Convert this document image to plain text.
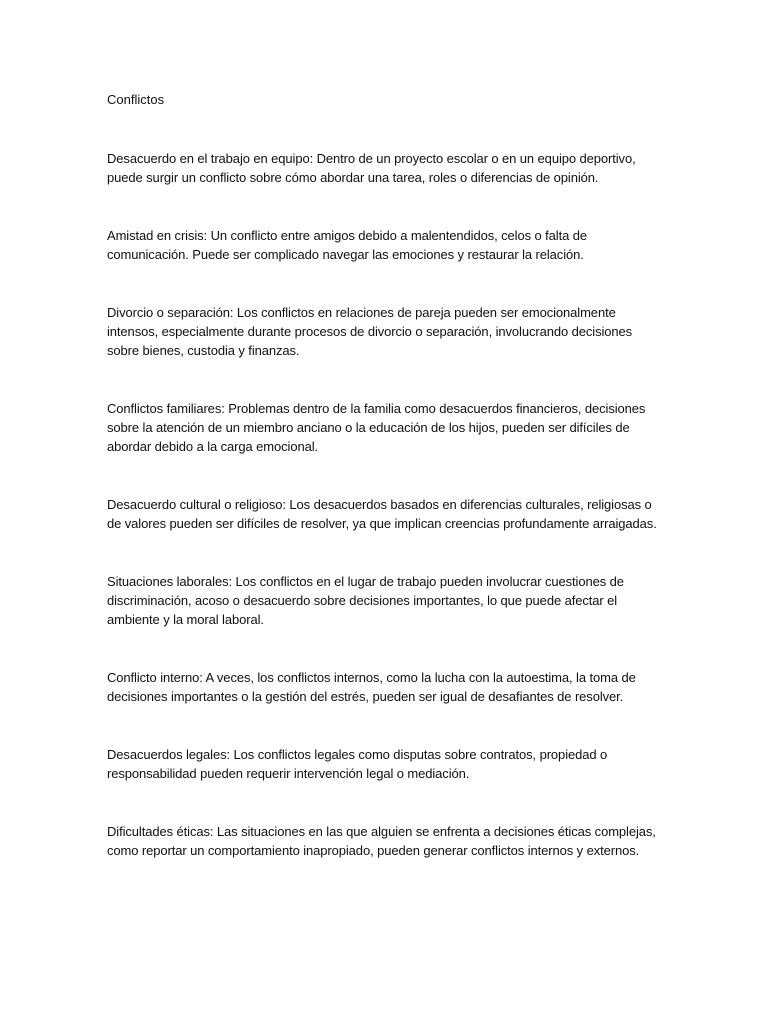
Conflictos

Desacuerdo en el trabajo en equipo: Dentro de un proyecto escolar o en un equipo deportivo, puede surgir un conflicto sobre cómo abordar una tarea, roles o diferencias de opinión.

Amistad en crisis: Un conflicto entre amigos debido a malentendidos, celos o falta de comunicación. Puede ser complicado navegar las emociones y restaurar la relación.

Divorcio o separación: Los conflictos en relaciones de pareja pueden ser emocionalmente intensos, especialmente durante procesos de divorcio o separación, involucrando decisiones sobre bienes, custodia y finanzas.

Conflictos familiares: Problemas dentro de la familia como desacuerdos financieros, decisiones sobre la atención de un miembro anciano o la educación de los hijos, pueden ser difíciles de abordar debido a la carga emocional.

Desacuerdo cultural o religioso: Los desacuerdos basados en diferencias culturales, religiosas o de valores pueden ser difíciles de resolver, ya que implican creencias profundamente arraigadas.

Situaciones laborales: Los conflictos en el lugar de trabajo pueden involucrar cuestiones de discriminación, acoso o desacuerdo sobre decisiones importantes, lo que puede afectar el ambiente y la moral laboral.

Conflicto interno: A veces, los conflictos internos, como la lucha con la autoestima, la toma de decisiones importantes o la gestión del estrés, pueden ser igual de desafiantes de resolver.

Desacuerdos legales: Los conflictos legales como disputas sobre contratos, propiedad o responsabilidad pueden requerir intervención legal o mediación.

Dificultades éticas: Las situaciones en las que alguien se enfrenta a decisiones éticas complejas, como reportar un comportamiento inapropiado, pueden generar conflictos internos y externos.
